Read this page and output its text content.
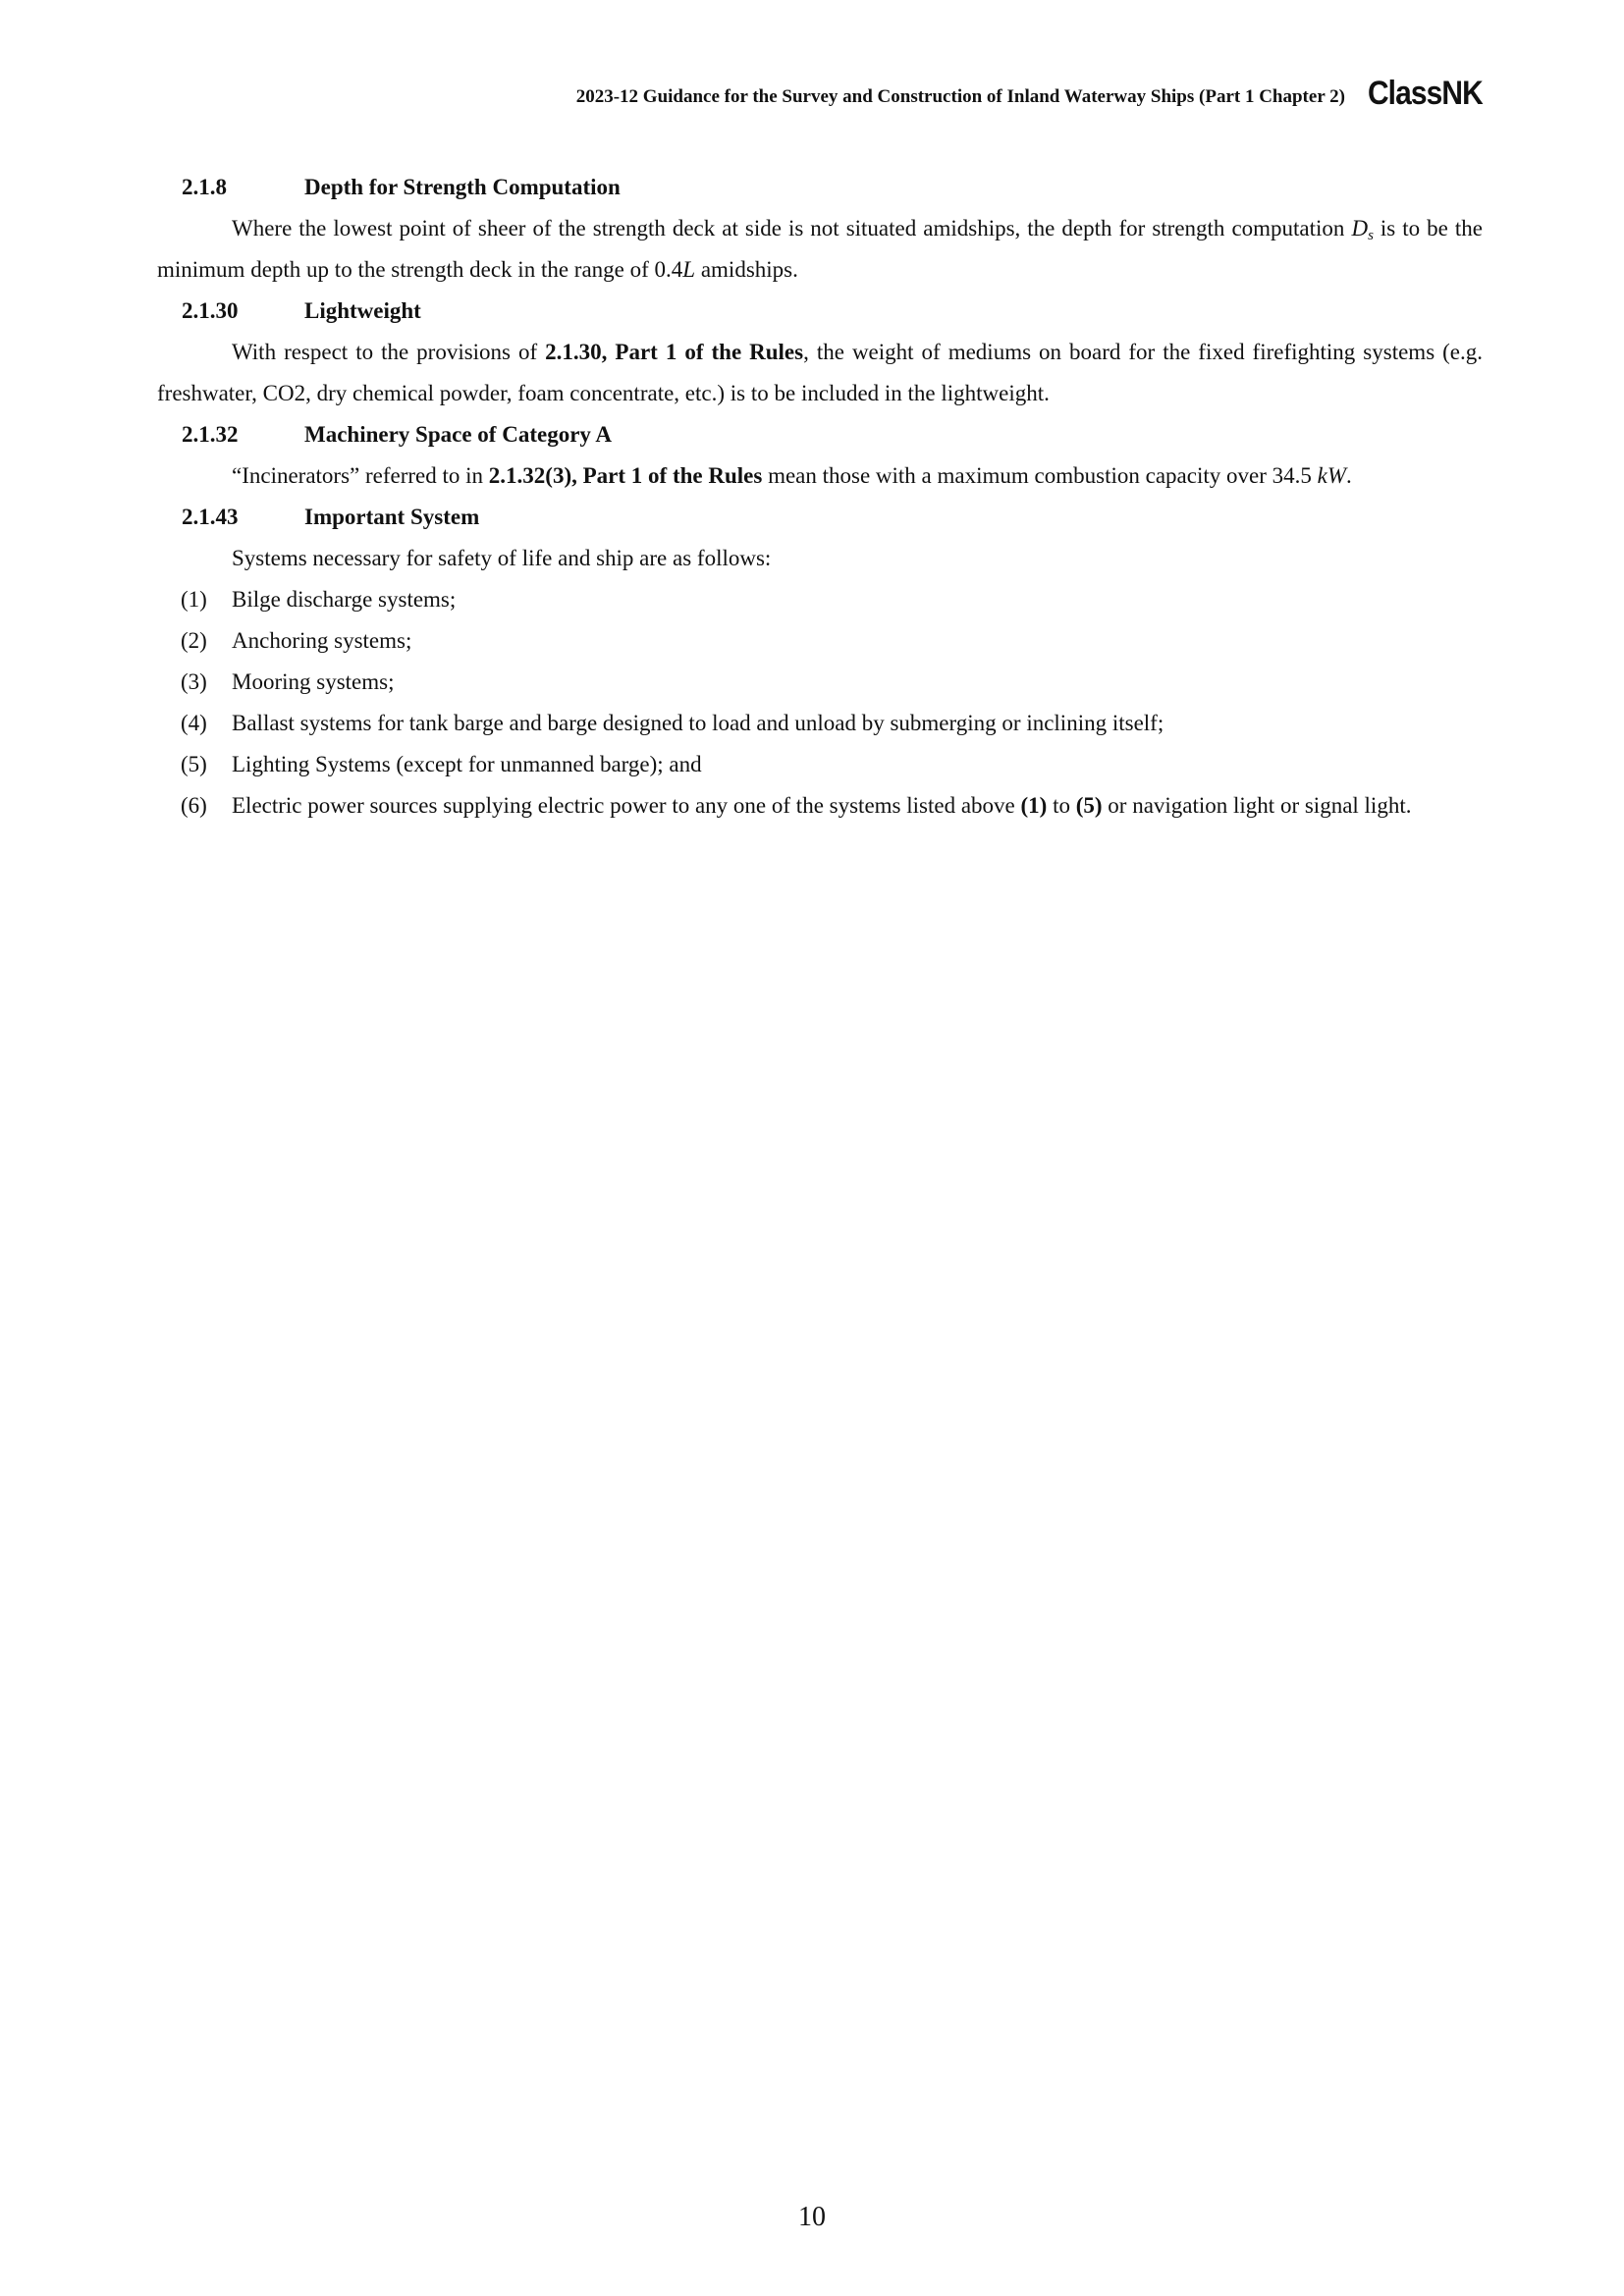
2023-12 Guidance for the Survey and Construction of Inland Waterway Ships (Part 1 Chapter 2) ClassNK
2.1.8	Depth for Strength Computation
Where the lowest point of sheer of the strength deck at side is not situated amidships, the depth for strength computation $D_s$ is to be the minimum depth up to the strength deck in the range of 0.4L amidships.
2.1.30	Lightweight
With respect to the provisions of 2.1.30, Part 1 of the Rules, the weight of mediums on board for the fixed firefighting systems (e.g. freshwater, CO2, dry chemical powder, foam concentrate, etc.) is to be included in the lightweight.
2.1.32	Machinery Space of Category A
“Incinerators” referred to in 2.1.32(3), Part 1 of the Rules mean those with a maximum combustion capacity over 34.5 kW.
2.1.43	Important System
Systems necessary for safety of life and ship are as follows:
(1) Bilge discharge systems;
(2) Anchoring systems;
(3) Mooring systems;
(4) Ballast systems for tank barge and barge designed to load and unload by submerging or inclining itself;
(5) Lighting Systems (except for unmanned barge); and
(6) Electric power sources supplying electric power to any one of the systems listed above (1) to (5) or navigation light or signal light.
10
